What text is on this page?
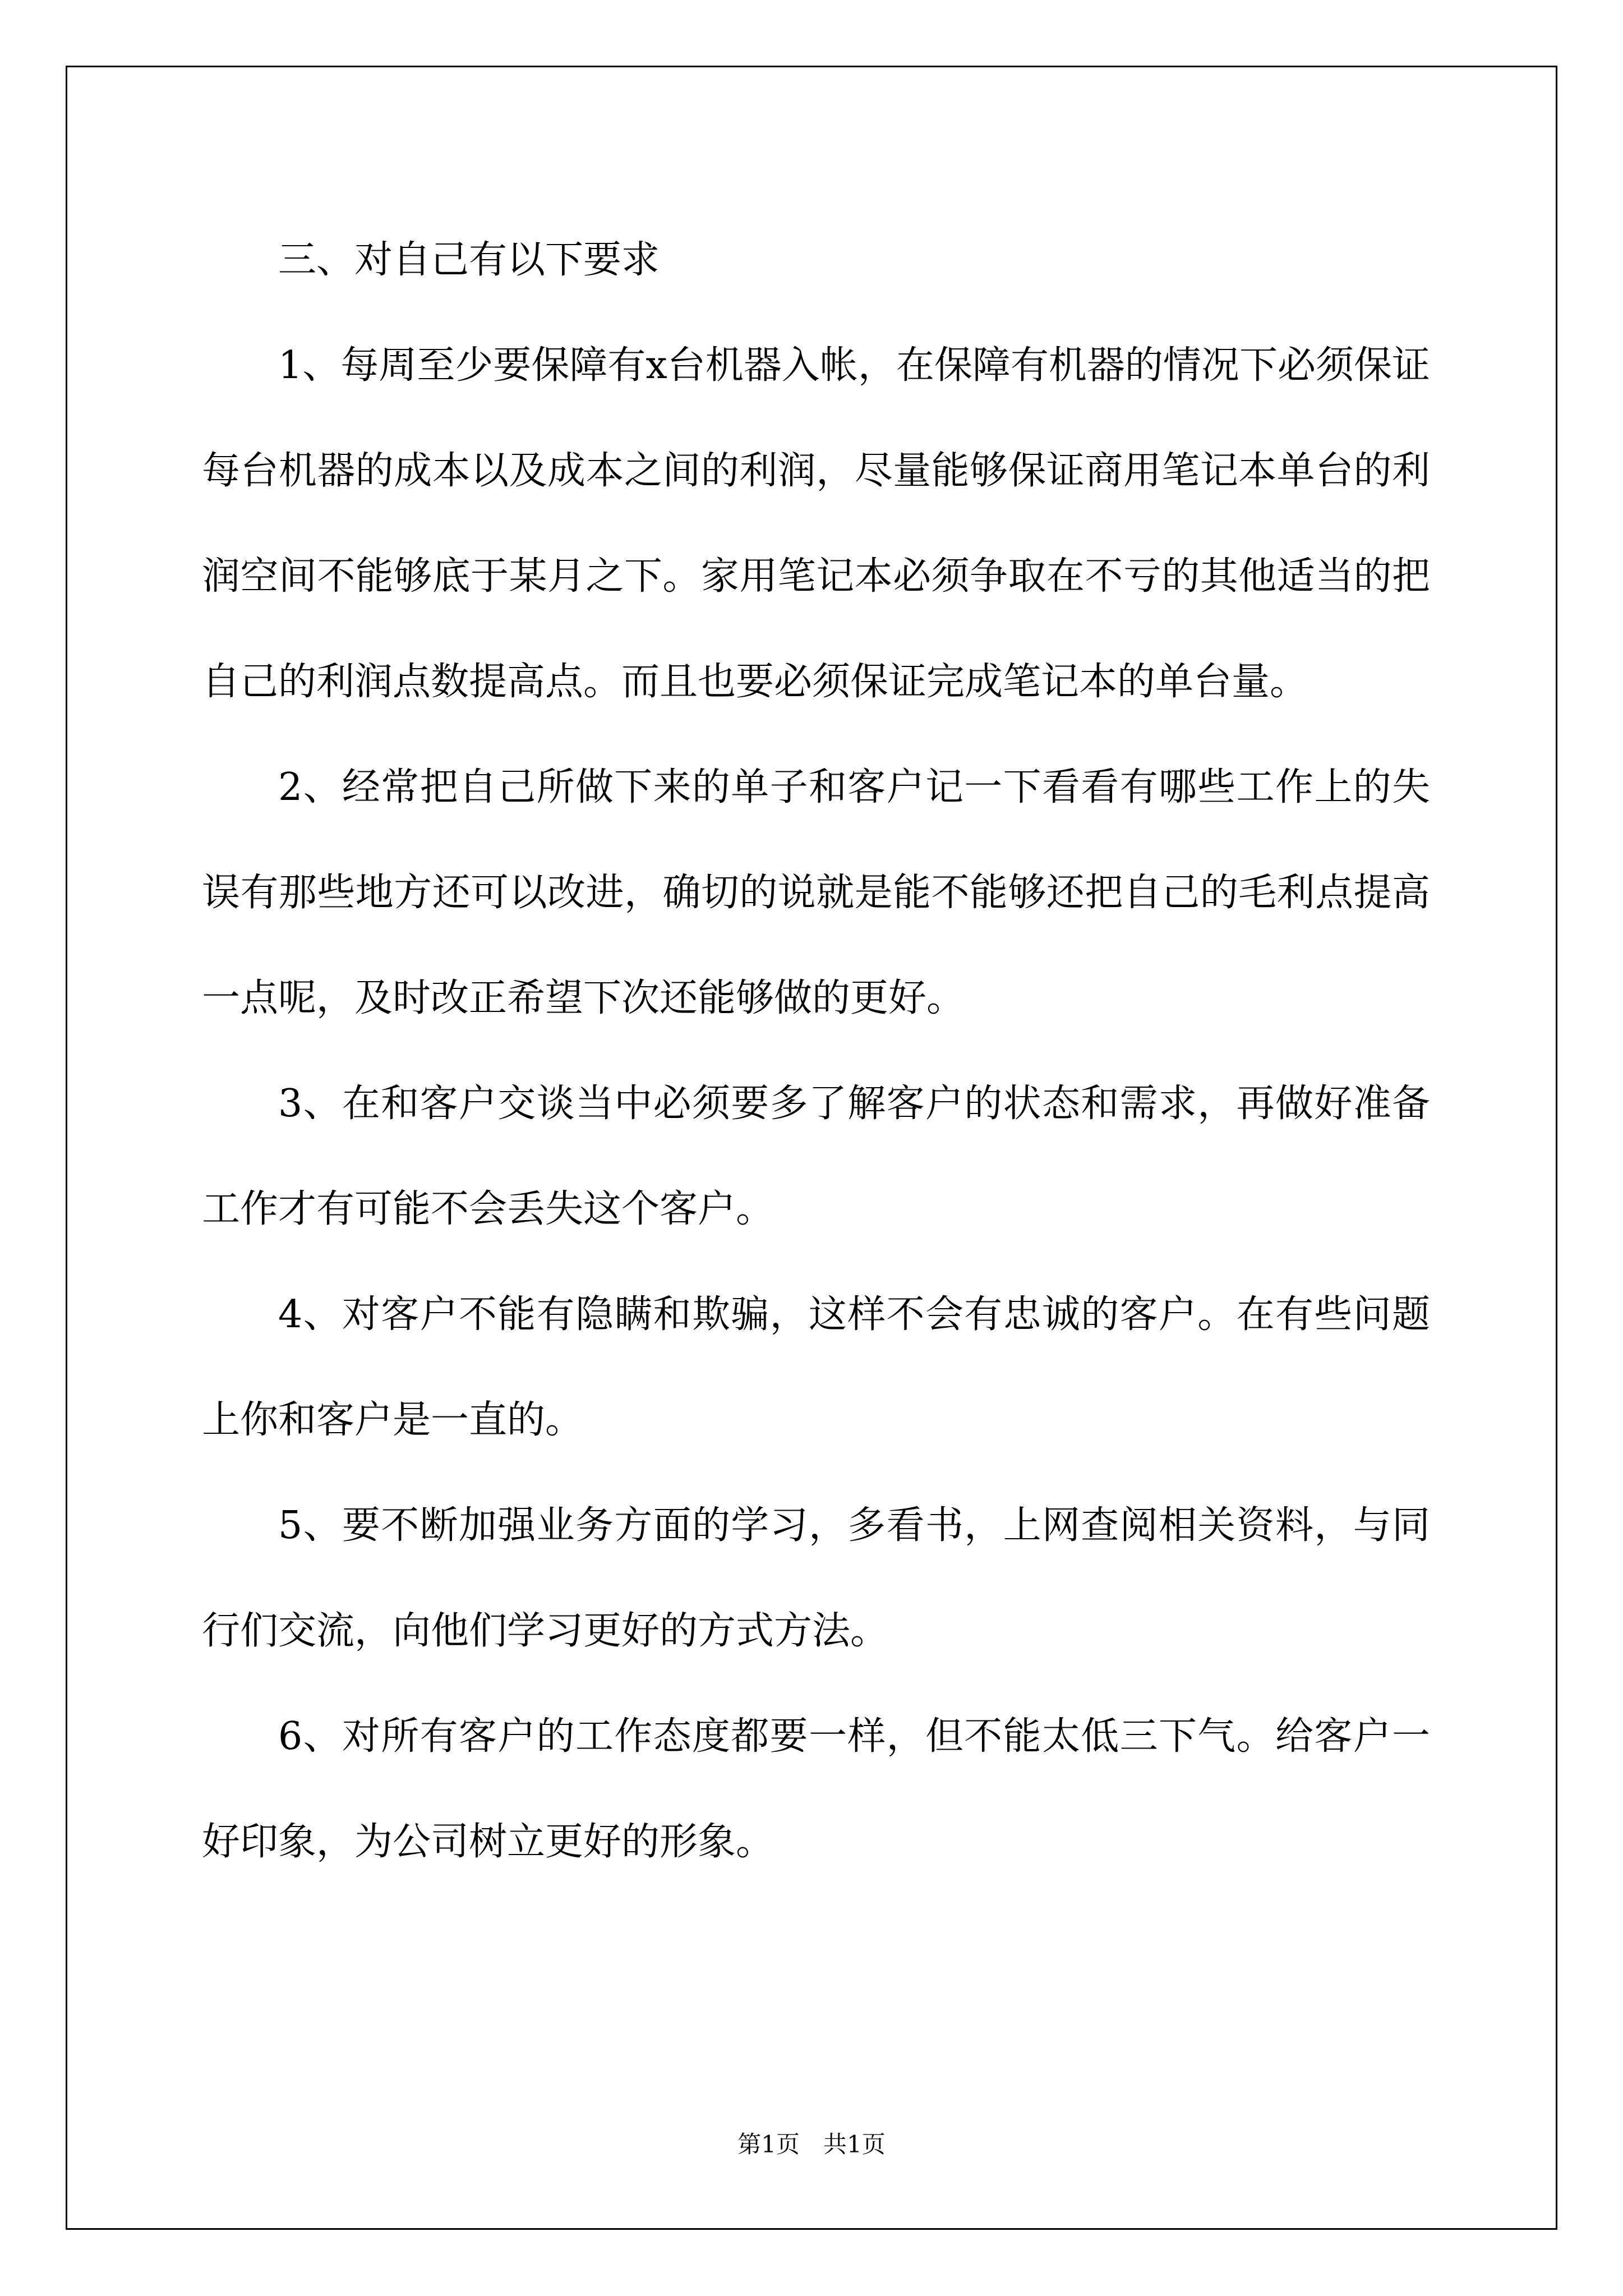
三、对自己有以下要求

1、每周至少要保障有x台机器入帐，在保障有机器的情况下必须保证每台机器的成本以及成本之间的利润，尽量能够保证商用笔记本单台的利润空间不能够底于某月之下。家用笔记本必须争取在不亏的其他适当的把自己的利润点数提高点。而且也要必须保证完成笔记本的单台量。

2、经常把自己所做下来的单子和客户记一下看看有哪些工作上的失误有那些地方还可以改进，确切的说就是能不能够还把自己的毛利点提高一点呢，及时改正希望下次还能够做的更好。

3、在和客户交谈当中必须要多了解客户的状态和需求，再做好准备工作才有可能不会丢失这个客户。

4、对客户不能有隐瞒和欺骗，这样不会有忠诚的客户。在有些问题上你和客户是一直的。

5、要不断加强业务方面的学习，多看书，上网查阅相关资料，与同行们交流，向他们学习更好的方式方法。

6、对所有客户的工作态度都要一样，但不能太低三下气。给客户一好印象，为公司树立更好的形象。

第1页　共1页
